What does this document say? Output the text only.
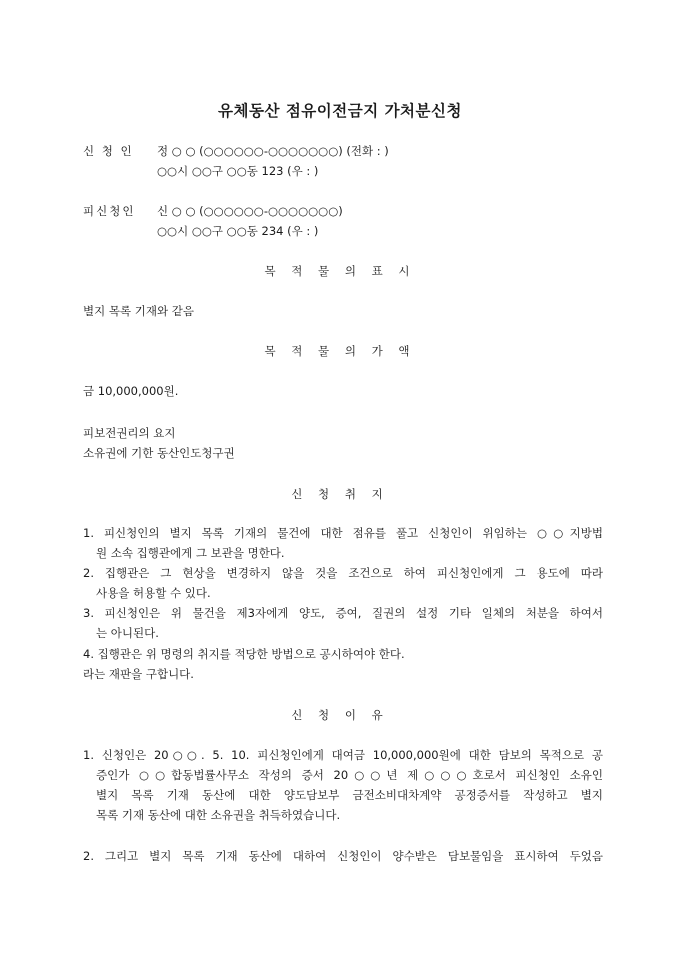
유체동산 점유이전금지 가처분신청
신 청 인 정 ○ ○ (○○○○○○-○○○○○○○) (전화 : )
○○시 ○○구 ○○동 123 (우 : )
피신청인 신 ○ ○ (○○○○○○-○○○○○○○)
○○시 ○○구 ○○동 234 (우 : )
목 적 물 의 표 시
별지 목록 기재와 같음
목 적 물 의 가 액
금 10,000,000원.
피보전권리의 요지
소유권에 기한 동산인도청구권
신 청 취 지
1. 피신청인의 별지 목록 기재의 물건에 대한 점유를 풀고 신청인이 위임하는 ○○지방법
원 소속 집행관에게 그 보관을 명한다.
2. 집행관은 그 현상을 변경하지 않을 것을 조건으로 하여 피신청인에게 그 용도에 따라
사용을 허용할 수 있다.
3. 피신청인은 위 물건을 제3자에게 양도, 증여, 질권의 설정 기타 일체의 처분을 하여서
는 아니된다.
4. 집행관은 위 명령의 취지를 적당한 방법으로 공시하여야 한다.
라는 재판을 구합니다.
신 청 이 유
1. 신청인은 20○○. 5. 10. 피신청인에게 대여금 10,000,000원에 대한 담보의 목적으로 공
증인가 ○○합동법률사무소 작성의 증서 20○○년 제○○○호로서 피신청인 소유인
별지 목록 기재 동산에 대한 양도담보부 금전소비대차계약 공정증서를 작성하고 별지
목록 기재 동산에 대한 소유권을 취득하였습니다.
2. 그리고 별지 목록 기재 동산에 대하여 신청인이 양수받은 담보물임을 표시하여 두었음
